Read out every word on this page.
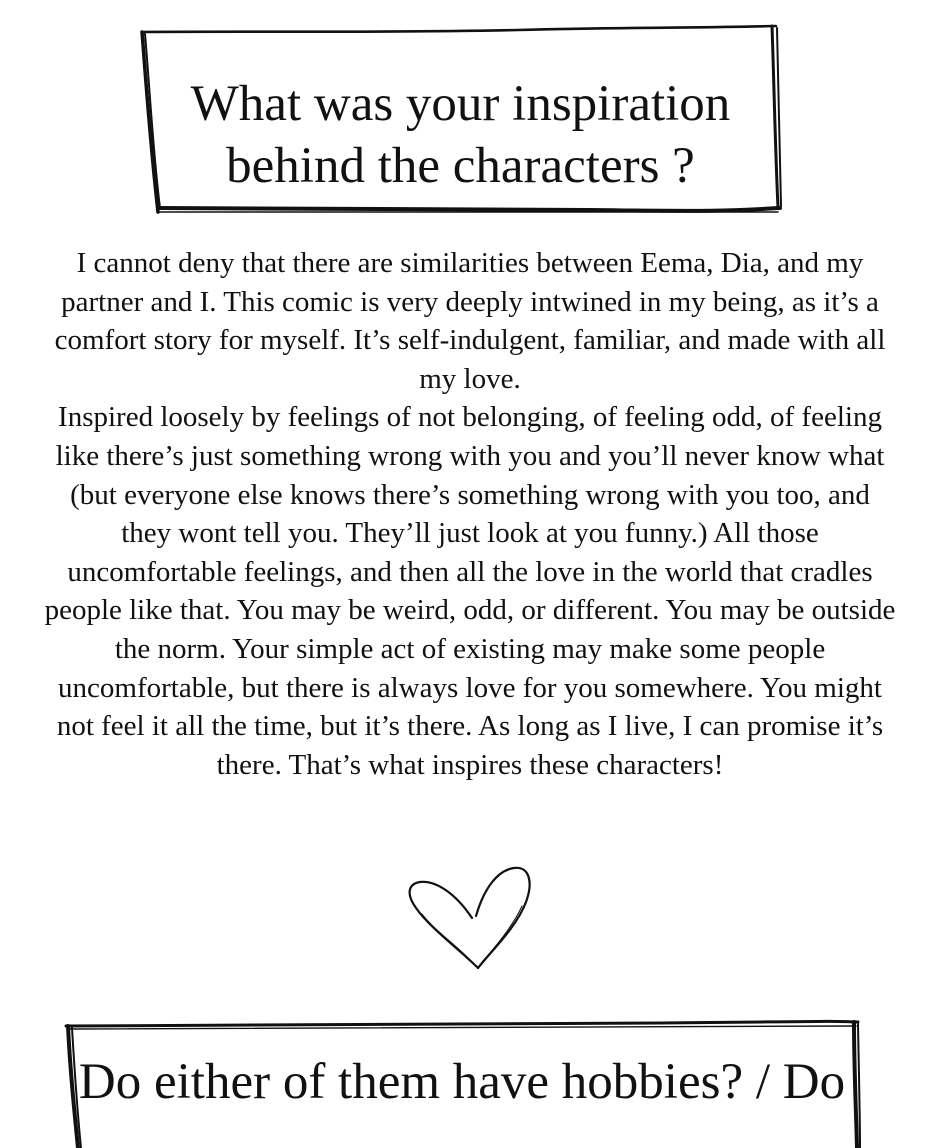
What was your inspiration
behind the characters ?

I cannot deny that there are similarities between Eema, Dia, and my partner and I. This comic is very deeply intwined in my being, as it’s a comfort story for myself. It’s self-indulgent, familiar, and made with all my love.

Inspired loosely by feelings of not belonging, of feeling odd, of feeling like there’s just something wrong with you and you’ll never know what (but everyone else knows there’s something wrong with you too, and they wont tell you. They’ll just look at you funny.) All those uncomfortable feelings, and then all the love in the world that cradles people like that. You may be weird, odd, or different. You may be outside the norm. Your simple act of existing may make some people uncomfortable, but there is always love for you somewhere. You might not feel it all the time, but it’s there. As long as I live, I can promise it’s there. That’s what inspires these characters!

Do either of them have hobbies? / Do
